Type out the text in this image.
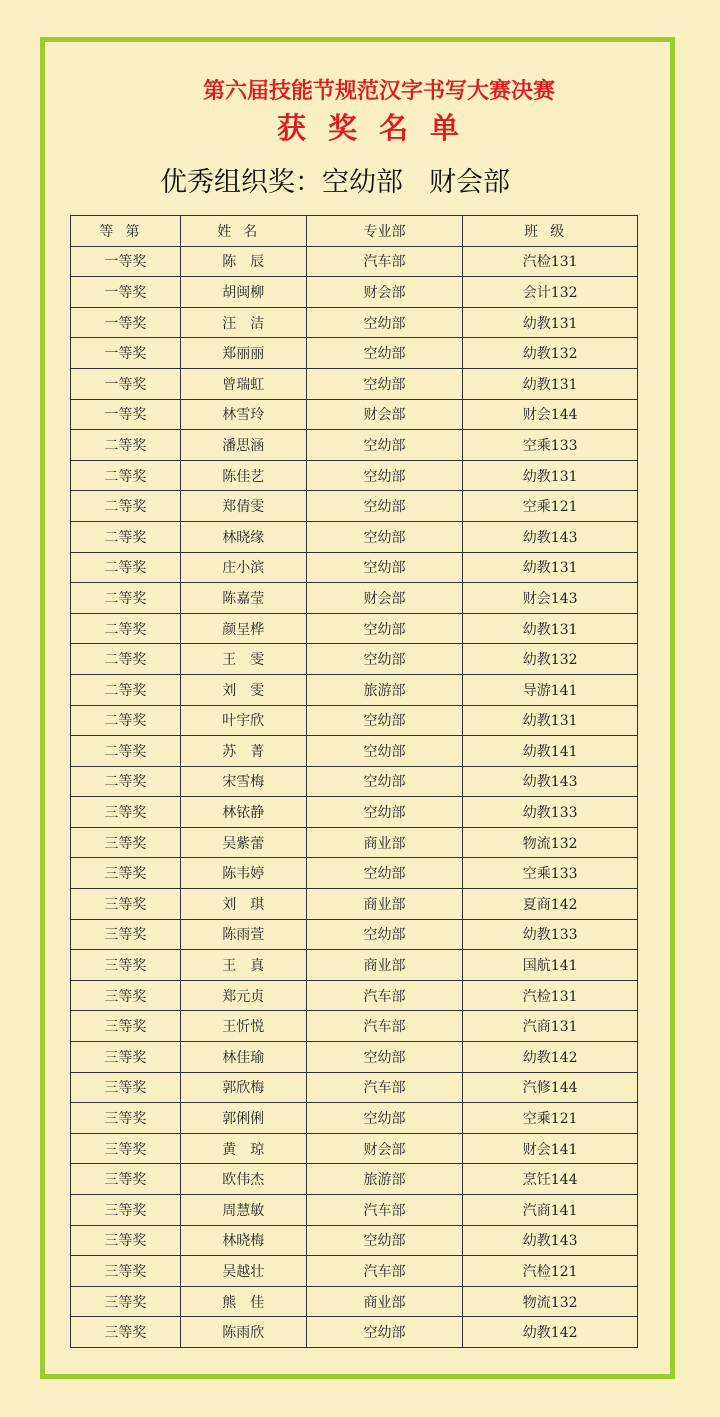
第六届技能节规范汉字书写大赛决赛
获奖名单
优秀组织奖：空幼部 财会部
等第	姓名	专业部	班级
一等奖	陈　辰	汽车部	汽检131
一等奖	胡闽柳	财会部	会计132
一等奖	汪　洁	空幼部	幼教131
一等奖	郑丽丽	空幼部	幼教132
一等奖	曾瑞虹	空幼部	幼教131
一等奖	林雪玲	财会部	财会144
二等奖	潘思涵	空幼部	空乘133
二等奖	陈佳艺	空幼部	幼教131
二等奖	郑倩雯	空幼部	空乘121
二等奖	林晓缘	空幼部	幼教143
二等奖	庄小滨	空幼部	幼教131
二等奖	陈嘉莹	财会部	财会143
二等奖	颜呈桦	空幼部	幼教131
二等奖	王　雯	空幼部	幼教132
二等奖	刘　雯	旅游部	导游141
二等奖	叶宇欣	空幼部	幼教131
二等奖	苏　菁	空幼部	幼教141
二等奖	宋雪梅	空幼部	幼教143
三等奖	林铱静	空幼部	幼教133
三等奖	吴紫蕾	商业部	物流132
三等奖	陈韦婷	空幼部	空乘133
三等奖	刘　琪	商业部	夏商142
三等奖	陈雨萱	空幼部	幼教133
三等奖	王　真	商业部	国航141
三等奖	郑元贞	汽车部	汽检131
三等奖	王忻悦	汽车部	汽商131
三等奖	林佳瑜	空幼部	幼教142
三等奖	郭欣梅	汽车部	汽修144
三等奖	郭俐俐	空幼部	空乘121
三等奖	黄　琼	财会部	财会141
三等奖	欧伟杰	旅游部	烹饪144
三等奖	周慧敏	汽车部	汽商141
三等奖	林晓梅	空幼部	幼教143
三等奖	吴越壮	汽车部	汽检121
三等奖	熊　佳	商业部	物流132
三等奖	陈雨欣	空幼部	幼教142
